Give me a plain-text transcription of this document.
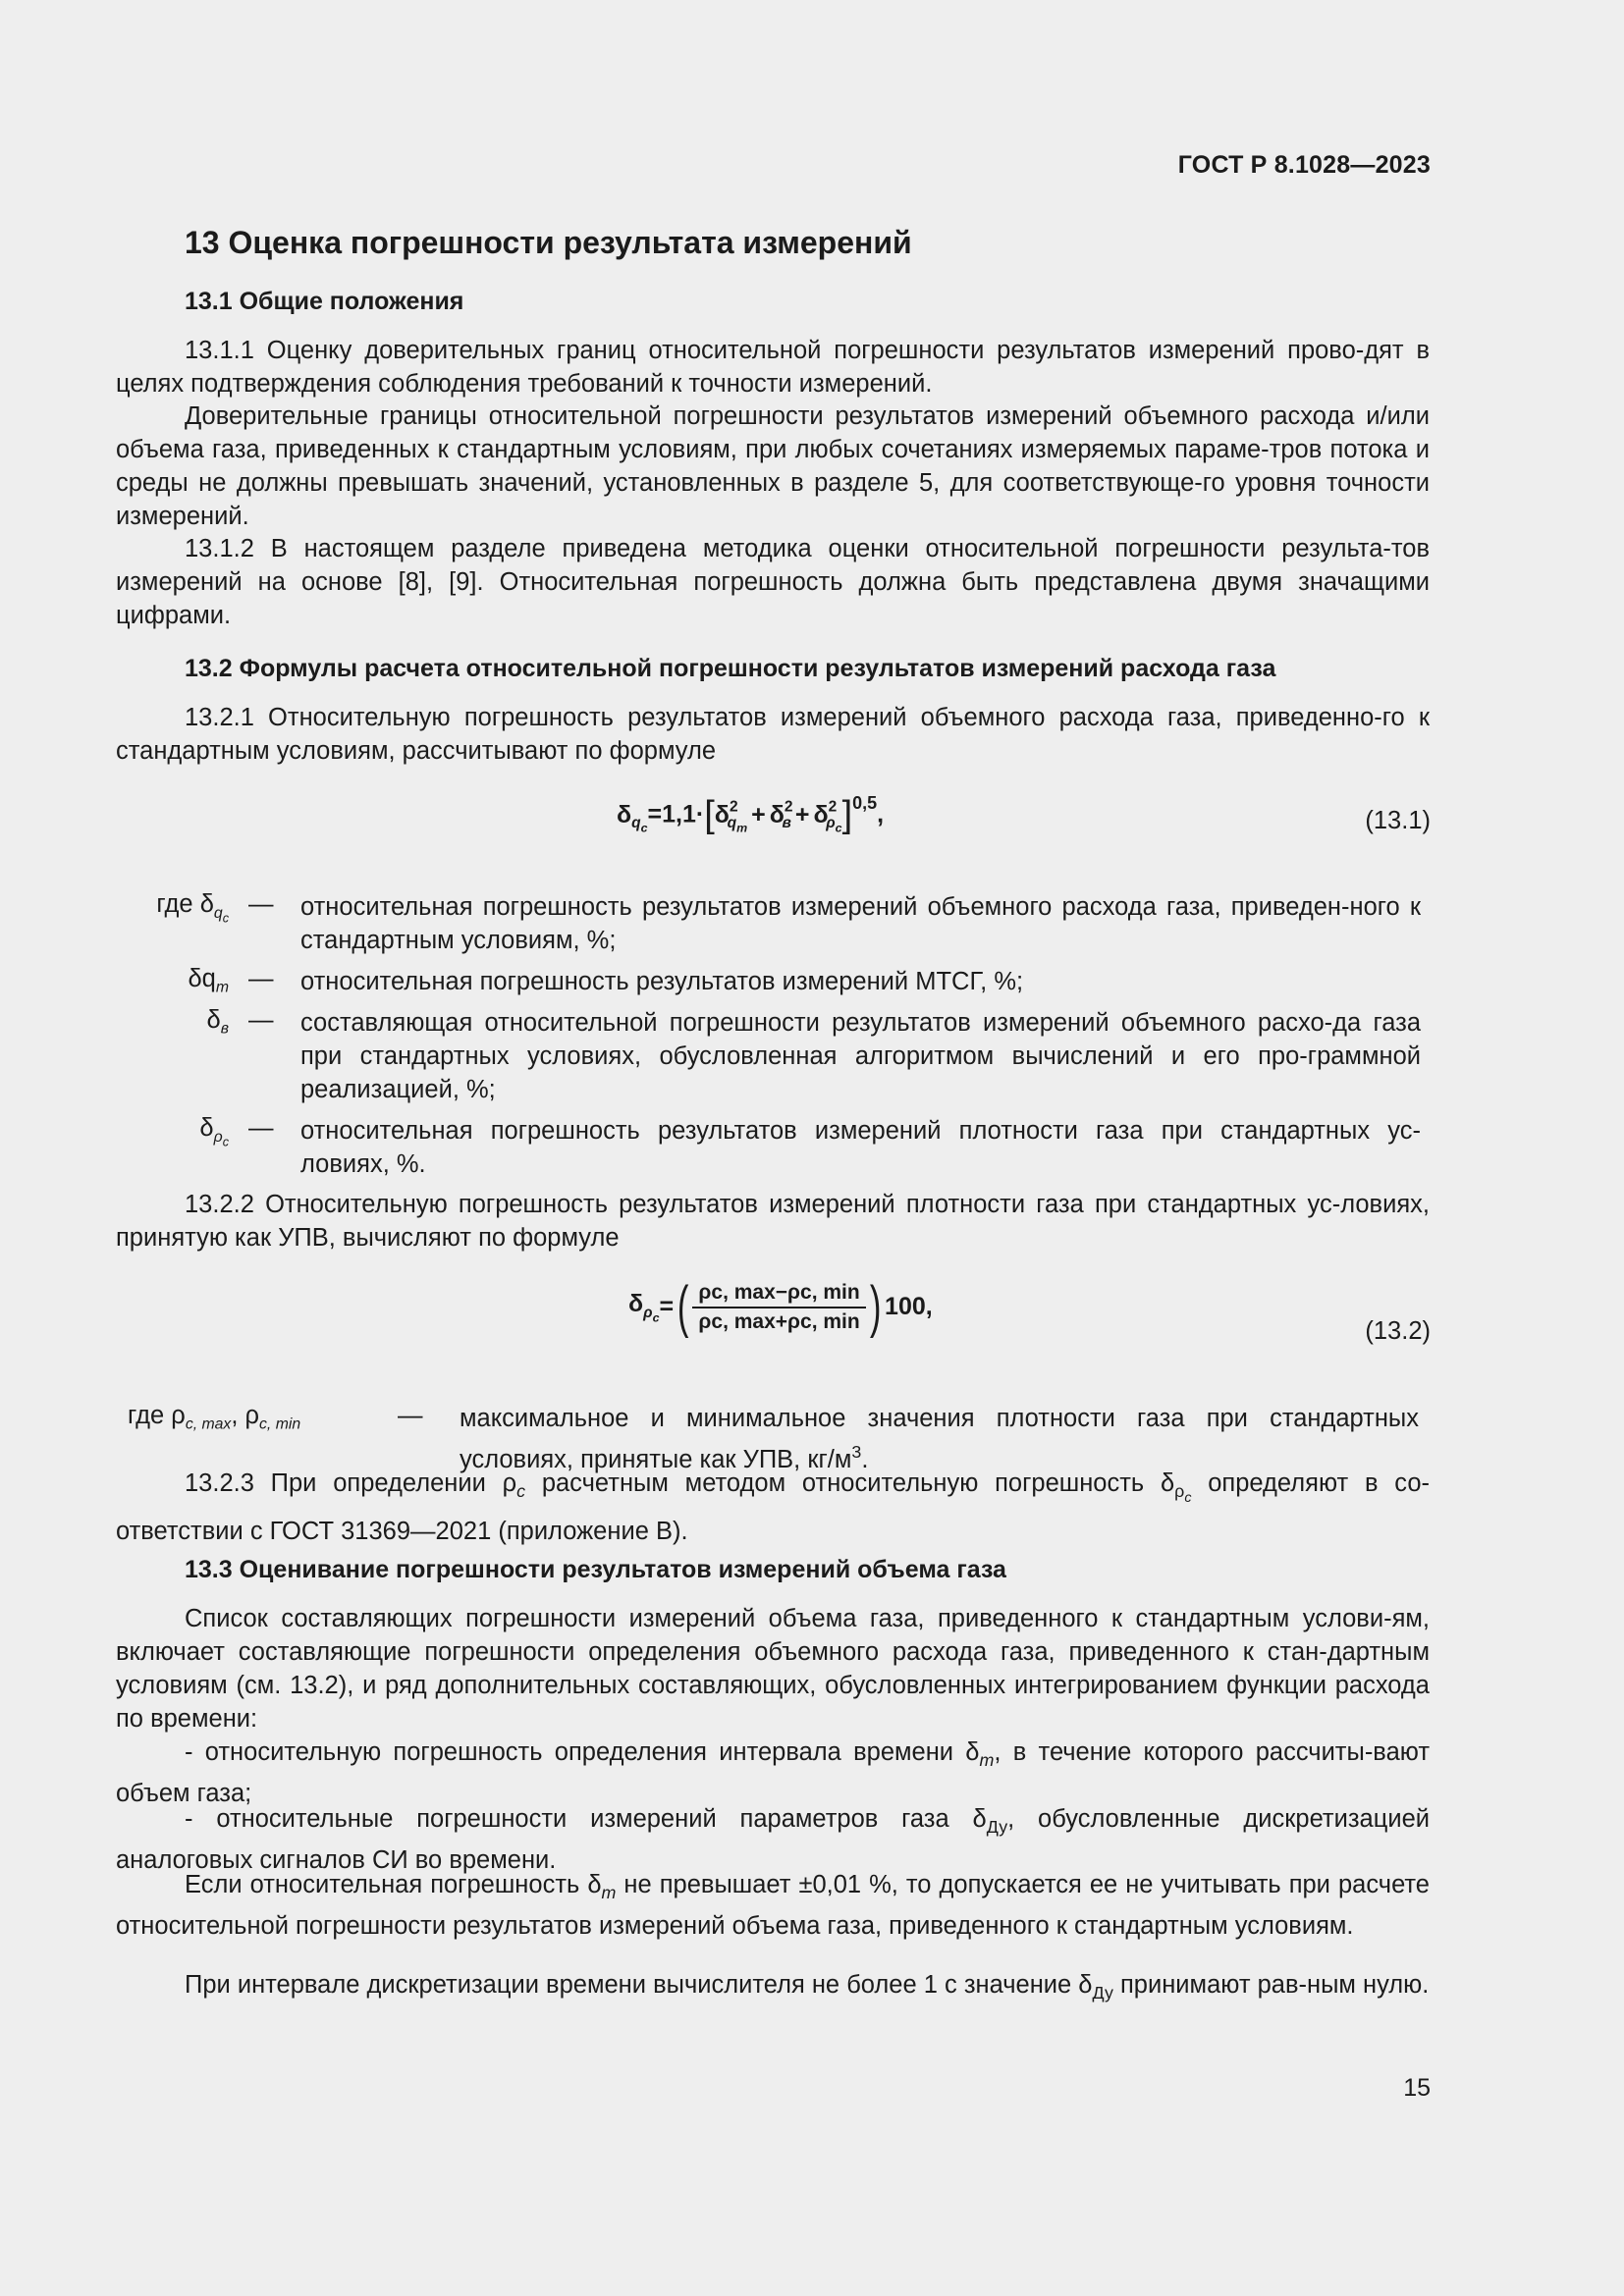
ГОСТ Р 8.1028—2023
13 Оценка погрешности результата измерений
13.1 Общие положения
13.1.1 Оценку доверительных границ относительной погрешности результатов измерений прово-дят в целях подтверждения соблюдения требований к точности измерений.
Доверительные границы относительной погрешности результатов измерений объемного расхода и/или объема газа, приведенных к стандартным условиям, при любых сочетаниях измеряемых параме-тров потока и среды не должны превышать значений, установленных в разделе 5, для соответствующе-го уровня точности измерений.
13.1.2 В настоящем разделе приведена методика оценки относительной погрешности результа-тов измерений на основе [8], [9]. Относительная погрешность должна быть представлена двумя значащими цифрами.
13.2 Формулы расчета относительной погрешности результатов измерений расхода газа
13.2.1 Относительную погрешность результатов измерений объемного расхода газа, приведенно-го к стандартным условиям, рассчитывают по формуле
$\delta_{q_c}=1,1\cdot[\delta^2_{q_m} + \delta^2_в + \delta^2_{\rho_c}]^{0,5}$,	(13.1)
где $\delta_{q_c}$ — относительная погрешность результатов измерений объемного расхода газа, приведен-ного к стандартным условиям, %;
$\delta q_m$ — относительная погрешность результатов измерений МТСГ, %;
$\delta_в$ — составляющая относительной погрешности результатов измерений объемного расхо-да газа при стандартных условиях, обусловленная алгоритмом вычислений и его про-граммной реализацией, %;
$\delta_{\rho_c}$ — относительная погрешность результатов измерений плотности газа при стандартных ус-ловиях, %.
13.2.2 Относительную погрешность результатов измерений плотности газа при стандартных ус-ловиях, принятую как УПВ, вычисляют по формуле
$\delta_{\rho_c}=( \frac{\rho c, \max-\rho c, \min}{\rho c, \max+\rho c, \min}$ ) 100,
(13.2)
где $\rho_{c, max}$, $\rho_{c, min}$	— максимальное и минимальное значения плотности газа при стандартных условиях, принятые как УПВ, $кг/м^3$.
13.2.3 При определении $\rho_c$ расчетным методом относительную погрешность $\delta_{\rho_c}$ определяют в со-ответствии с ГОСТ 31369—2021 (приложение В).
13.3 Оценивание погрешности результатов измерений объема газа
Список составляющих погрешности измерений объема газа, приведенного к стандартным услови-ям, включает составляющие погрешности определения объемного расхода газа, приведенного к стан-дартным условиям (см. 13.2), и ряд дополнительных составляющих, обусловленных интегрированием функции расхода по времени:
- относительную погрешность определения интервала времени $\delta_т$, в течение которого рассчиты-вают объем газа;
- относительные погрешности измерений параметров газа $\delta_{Ду}$, обусловленные дискретизацией аналоговых сигналов СИ во времени.
Если относительная погрешность $\delta_т$ не превышает ±0,01 %, то допускается ее не учитывать при расчете относительной погрешности результатов измерений объема газа, приведенного к стандартным условиям.
При интервале дискретизации времени вычислителя не более 1 с значение $\delta_{Ду}$ принимают рав-ным нулю.
15
